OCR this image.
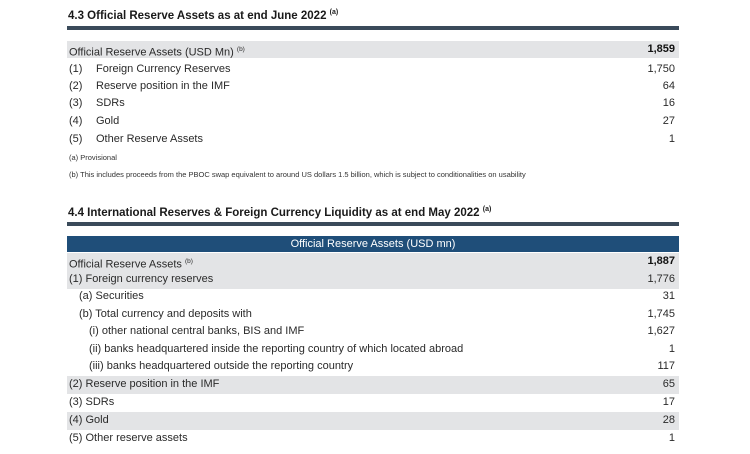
4.3 Official Reserve Assets as at end June 2022 $^{(a)}$
Official Reserve Assets (USD Mn) $^{(b)}$	1,859
(1) Foreign Currency Reserves	1,750
(2) Reserve position in the IMF	64
(3) SDRs	16
(4) Gold	27
(5) Other Reserve Assets	1
(a) Provisional
(b) This includes proceeds from the PBOC swap equivalent to around US dollars 1.5 billion, which is subject to conditionalities on usability
4.4 International Reserves & Foreign Currency Liquidity as at end May 2022 $^{(a)}$
Official Reserve Assets (USD mn)
Official Reserve Assets $^{(b)}$	1,887
(1) Foreign currency reserves	1,776
(a) Securities	31
(b) Total currency and deposits with	1,745
(i) other national central banks, BIS and IMF	1,627
(ii) banks headquartered inside the reporting country of which located abroad	1
(iii) banks headquartered outside the reporting country	117
(2) Reserve position in the IMF	65
(3) SDRs	17
(4) Gold	28
(5) Other reserve assets	1
